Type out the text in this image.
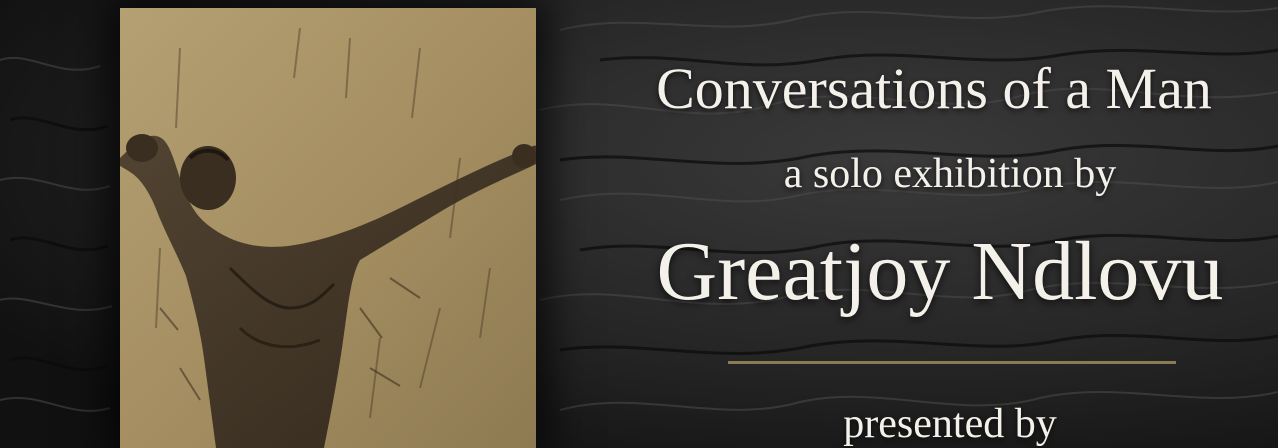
Conversations of a Man
a solo exhibition by
Greatjoy Ndlovu
presented by
